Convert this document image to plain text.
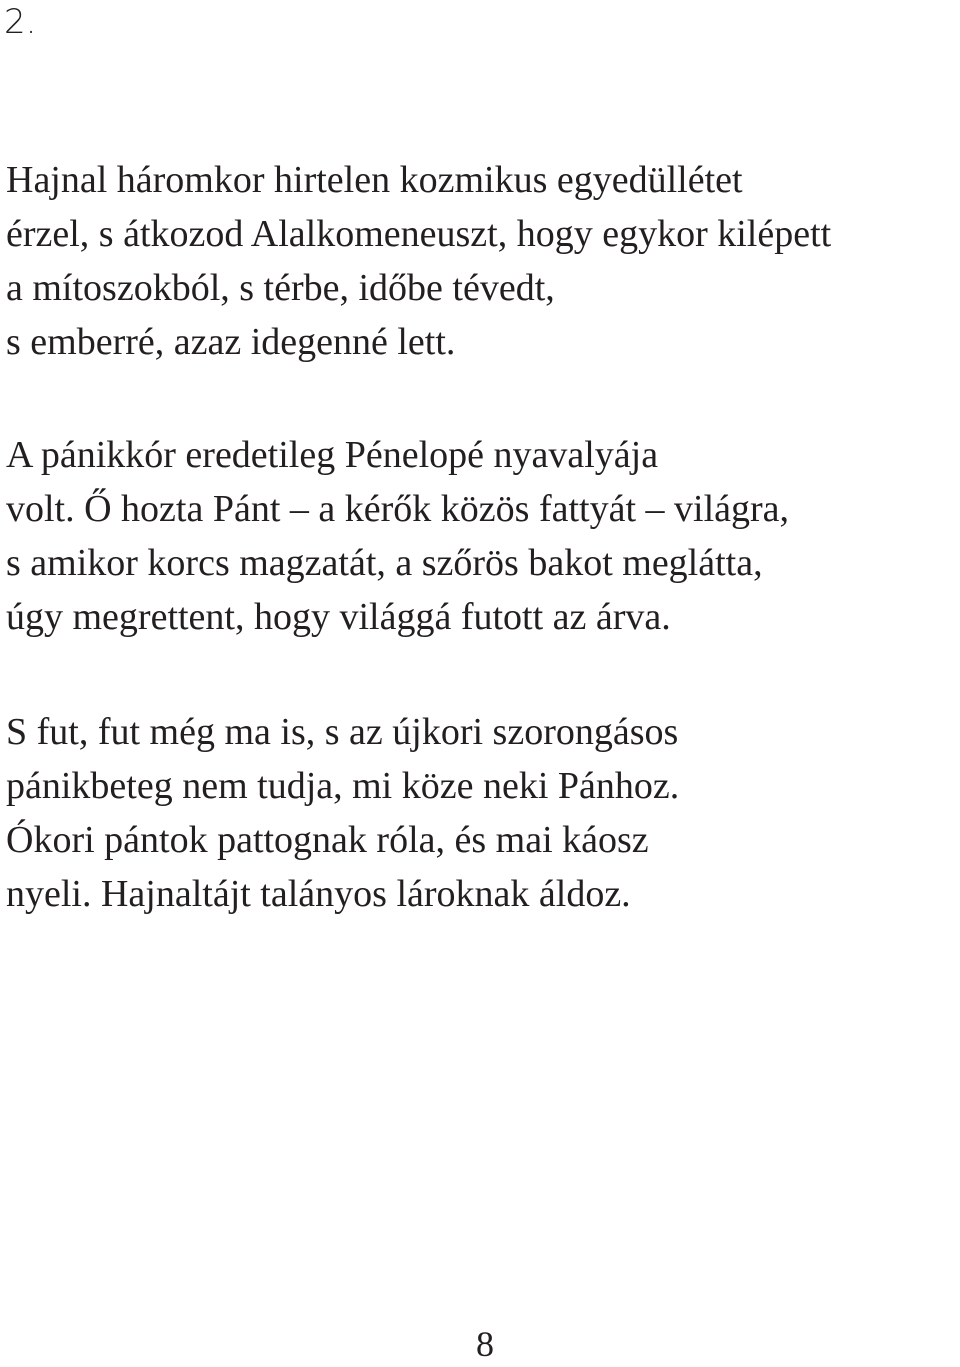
2.

Hajnal háromkor hirtelen kozmikus egyedüllétet
érzel, s átkozod Alalkomeneuszt, hogy egykor kilépett
a mítoszokból, s térbe, időbe tévedt,
s emberré, azaz idegenné lett.

A pánikkór eredetileg Pénelopé nyavalyája
volt. Ő hozta Pánt – a kérők közös fattyát – világra,
s amikor korcs magzatát, a szőrös bakot meglátta,
úgy megrettent, hogy világgá futott az árva.

S fut, fut még ma is, s az újkori szorongásos
pánikbeteg nem tudja, mi köze neki Pánhoz.
Ókori pántok pattognak róla, és mai káosz
nyeli. Hajnaltájt talányos lároknak áldoz.

8
